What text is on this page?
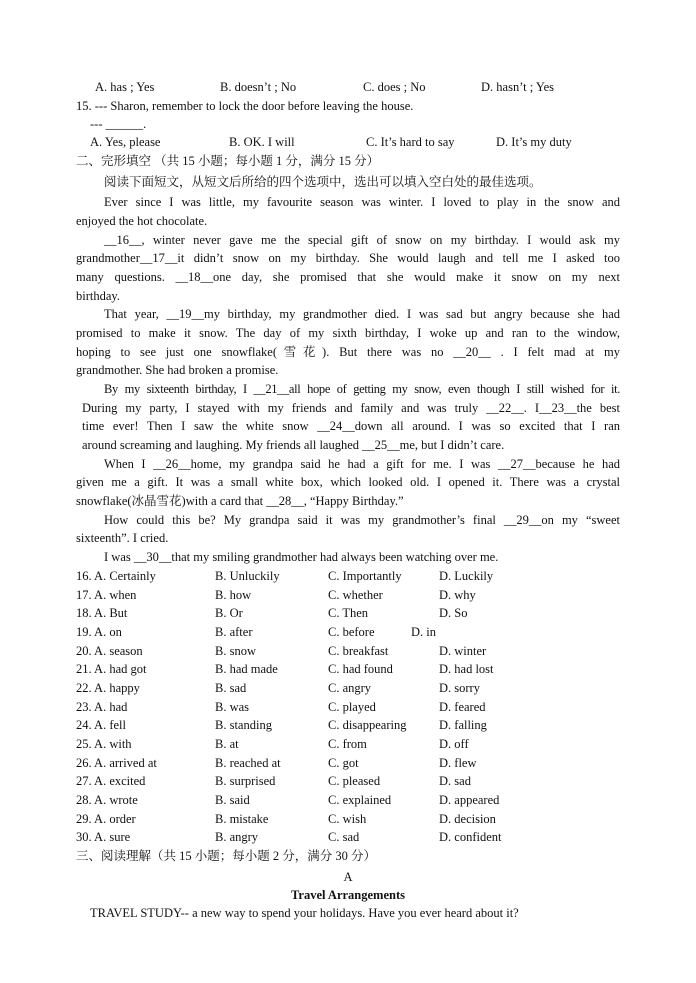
A. has ; Yes	B. doesn’t ; No	C. does ; No	D. hasn’t ; Yes
15. --- Sharon, remember to lock the door before leaving the house.
--- ______.
A. Yes, please	B. OK. I will	C. It’s hard to say	D. It’s my duty
二、完形填空 （共 15 小题；每小题 1 分，满分 15 分）
阅读下面短文，从短文后所给的四个选项中，选出可以填入空白处的最佳选项。
Ever since I was little, my favourite season was winter. I loved to play in the snow and
enjoyed the hot chocolate.
__16__, winter never gave me the special gift of snow on my birthday. I would ask my
grandmother__17__it didn’t snow on my birthday. She would laugh and tell me I asked too
many questions. __18__one day, she promised that she would make it snow on my next
birthday.
That year, __19__my birthday, my grandmother died. I was sad but angry because she had
promised to make it snow. The day of my sixth birthday, I woke up and ran to the window,
hoping to see just one snowflake(雪花). But there was no __20__ . I felt mad at my
grandmother. She had broken a promise.
By my sixteenth birthday, I __21__all hope of getting my snow, even though I still wished for it.
During my party, I stayed with my friends and family and was truly __22__. I__23__the best
time ever! Then I saw the white snow __24__down all around. I was so excited that I ran
around screaming and laughing. My friends all laughed __25__me, but I didn’t care.
When I __26__home, my grandpa said he had a gift for me. I was __27__because he had
given me a gift. It was a small white box, which looked old. I opened it. There was a crystal
snowflake(冰晶雪花)with a card that __28__, “Happy Birthday.”
How could this be? My grandpa said it was my grandmother’s final __29__on my “sweet
sixteenth”. I cried.
I was __30__that my smiling grandmother had always been watching over me.
16. A. Certainly	B. Unluckily	C. Importantly	D. Luckily
17. A. when	B. how	C. whether	D. why
18. A. But	B. Or	C. Then	D. So
19. A. on	B. after	C. before	D. in
20. A. season	B. snow	C. breakfast	D. winter
21. A. had got	B. had made	C. had found	D. had lost
22. A. happy	B. sad	C. angry	D. sorry
23. A. had	B. was	C. played	D. feared
24. A. fell	B. standing	C. disappearing	D. falling
25. A. with	B. at	C. from	D. off
26. A. arrived at	B. reached at	C. got	D. flew
27. A. excited	B. surprised	C. pleased	D. sad
28. A. wrote	B. said	C. explained	D. appeared
29. A. order	B. mistake	C. wish	D. decision
30. A. sure	B. angry	C. sad	D. confident
三、阅读理解（共 15 小题；每小题 2 分，满分 30 分）
A
Travel Arrangements
TRAVEL STUDY-- a new way to spend your holidays. Have you ever heard about it?
